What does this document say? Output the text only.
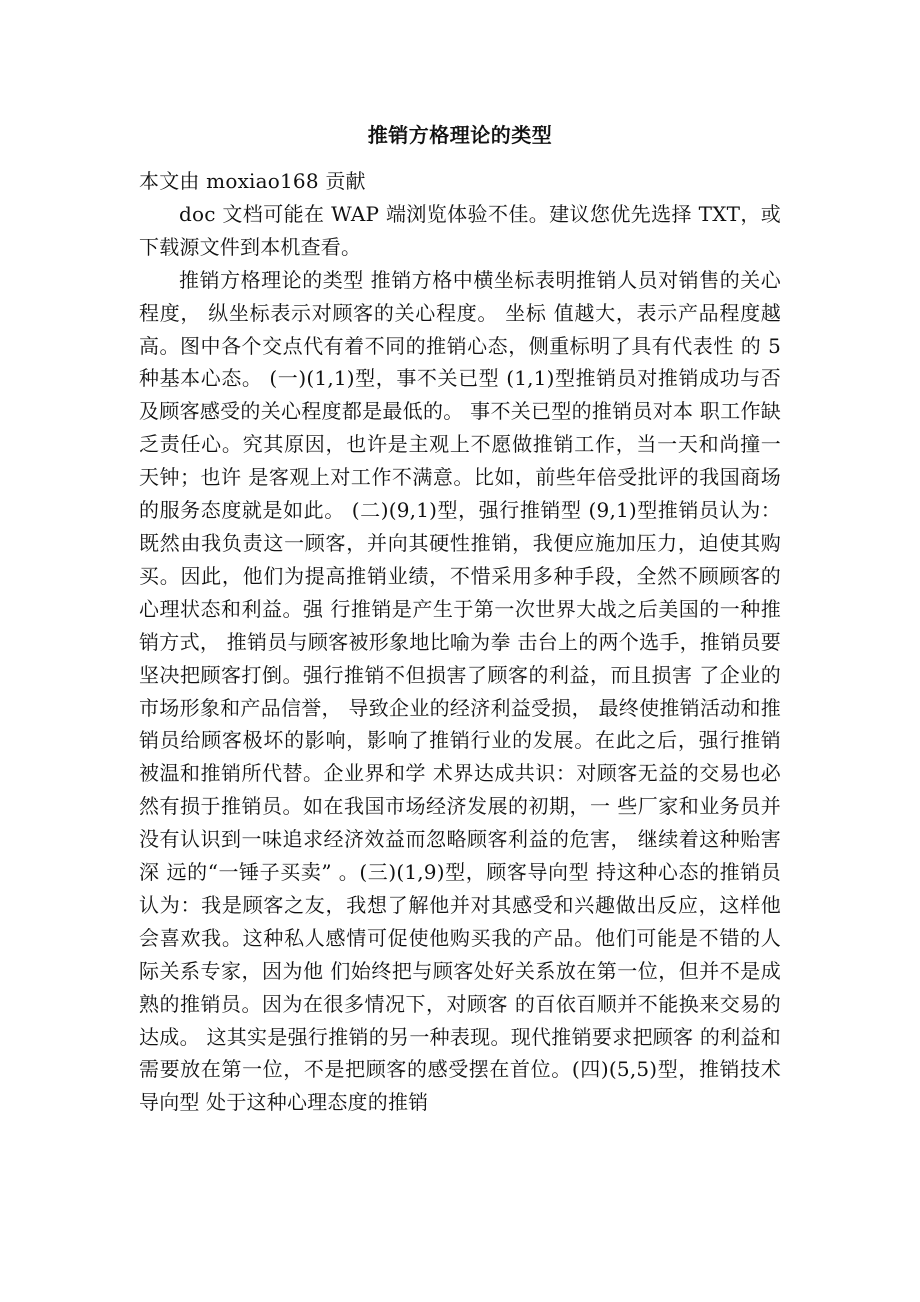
推销方格理论的类型

本文由 moxiao168 贡献

doc 文档可能在 WAP 端浏览体验不佳。建议您优先选择 TXT，或下载源文件到本机查看。

推销方格理论的类型 推销方格中横坐标表明推销人员对销售的关心程度， 纵坐标表示对顾客的关心程度。 坐标 值越大，表示产品程度越高。图中各个交点代有着不同的推销心态，侧重标明了具有代表性 的 5 种基本心态。 (一)(1,1)型，事不关已型 (1,1)型推销员对推销成功与否及顾客感受的关心程度都是最低的。 事不关已型的推销员对本 职工作缺乏责任心。究其原因，也许是主观上不愿做推销工作，当一天和尚撞一天钟；也许 是客观上对工作不满意。比如，前些年倍受批评的我国商场的服务态度就是如此。 (二)(9,1)型，强行推销型 (9,1)型推销员认为：既然由我负责这一顾客，并向其硬性推销，我便应施加压力，迫使其购 买。因此，他们为提高推销业绩，不惜采用多种手段，全然不顾顾客的心理状态和利益。强 行推销是产生于第一次世界大战之后美国的一种推销方式， 推销员与顾客被形象地比喻为拳 击台上的两个选手，推销员要坚决把顾客打倒。强行推销不但损害了顾客的利益，而且损害 了企业的市场形象和产品信誉， 导致企业的经济利益受损， 最终使推销活动和推销员给顾客极坏的影响，影响了推销行业的发展。在此之后，强行推销被温和推销所代替。企业界和学 术界达成共识：对顾客无益的交易也必然有损于推销员。如在我国市场经济发展的初期，一 些厂家和业务员并没有认识到一味追求经济效益而忽略顾客利益的危害， 继续着这种贻害深 远的“一锤子买卖” 。(三)(1,9)型，顾客导向型 持这种心态的推销员认为：我是顾客之友，我想了解他并对其感受和兴趣做出反应，这样他 会喜欢我。这种私人感情可促使他购买我的产品。他们可能是不错的人际关系专家，因为他 们始终把与顾客处好关系放在第一位，但并不是成熟的推销员。因为在很多情况下，对顾客 的百依百顺并不能换来交易的达成。 这其实是强行推销的另一种表现。现代推销要求把顾客 的利益和需要放在第一位，不是把顾客的感受摆在首位。(四)(5,5)型，推销技术导向型 处于这种心理态度的推销
